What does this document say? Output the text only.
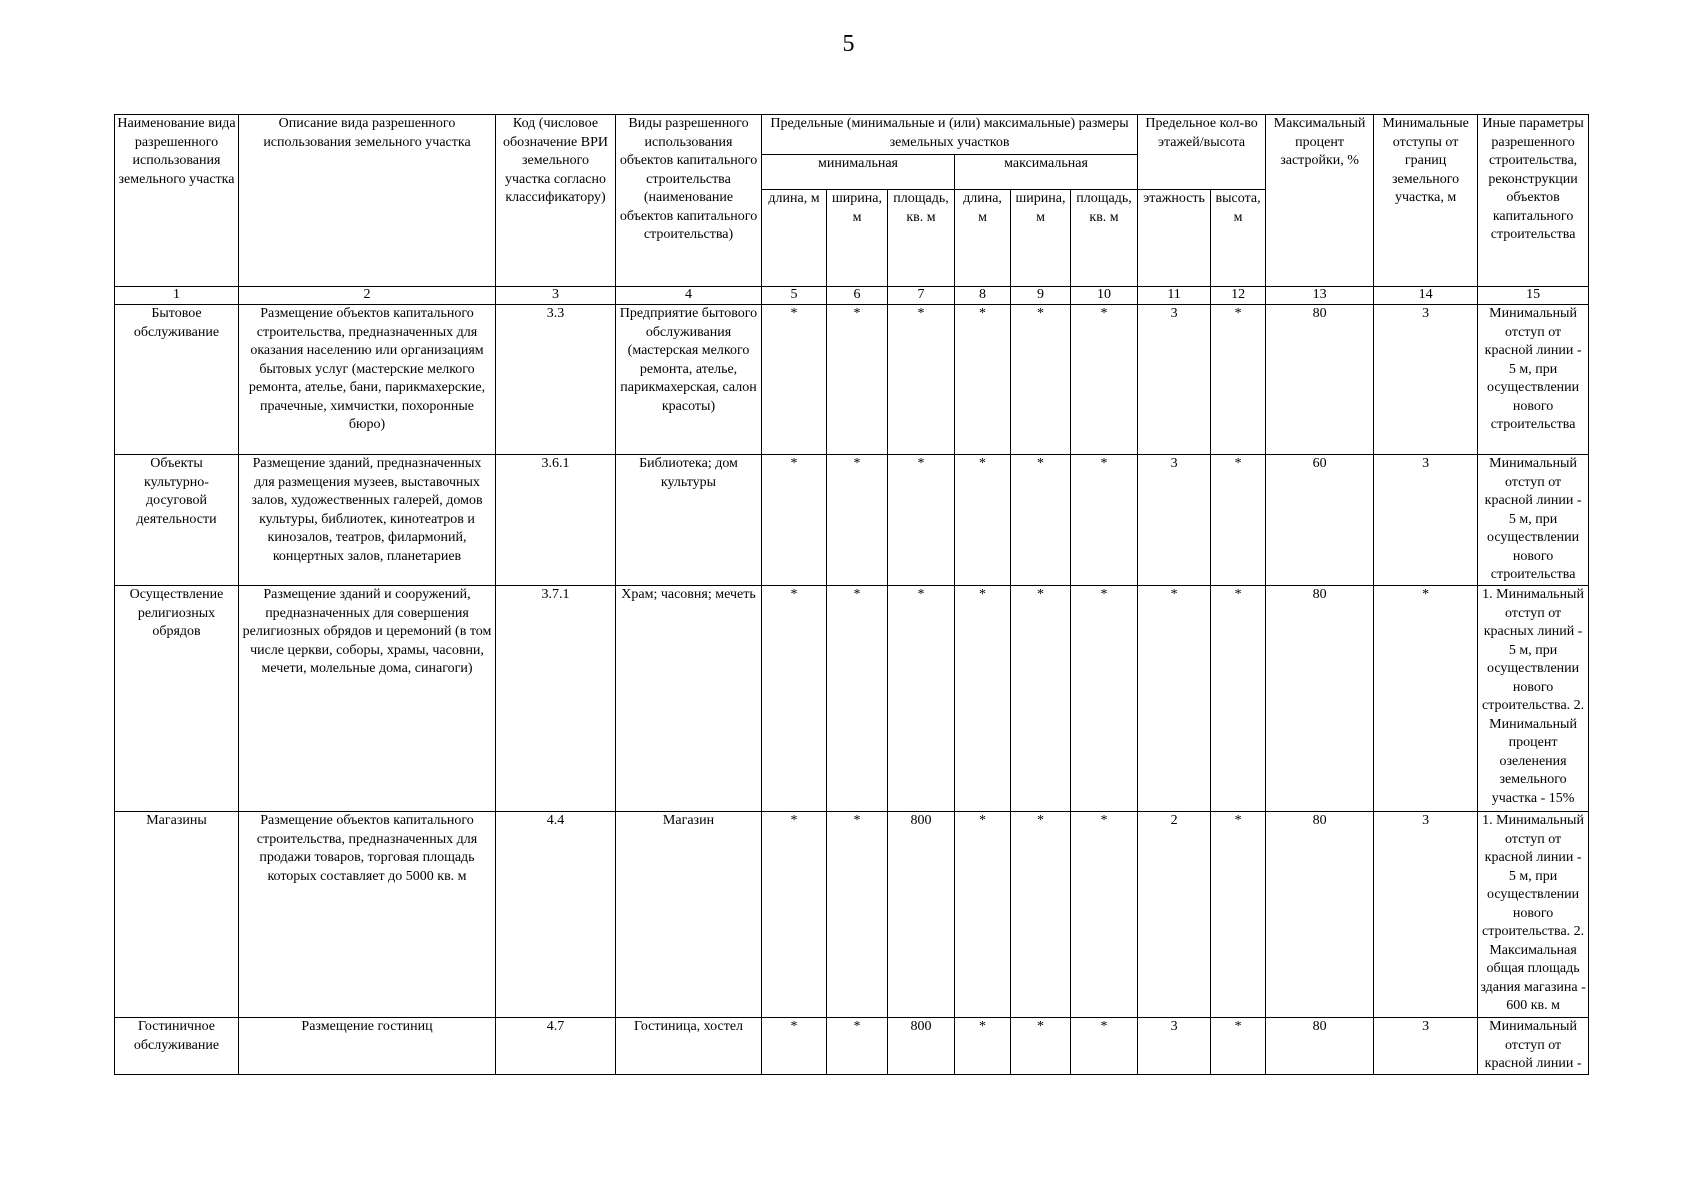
5
Наименование вида разрешенного использования земельного участка	Описание вида разрешенного использования земельного участка	Код (числовое обозначение ВРИ земельного участка согласно классификатору)	Виды разрешенного использования объектов капитального строительства (наименование объектов капитального строительства)	Предельные (минимальные и (или) максимальные) размеры земельных участков						Предельное кол-во этажей/высота		Максимальный процент застройки, %	Минимальные отступы от границ земельного участка, м	Иные параметры разрешенного строительства, реконструкции объектов капитального строительства
				минимальная			максимальная							
				длина, м	ширина, м	площадь, кв. м	длина, м	ширина, м	площадь, кв. м	этажность	высота, м			
1	2	3	4	5	6	7	8	9	10	11	12	13	14	15
Бытовое обслуживание	Размещение объектов капитального строительства, предназначенных для оказания населению или организациям бытовых услуг (мастерские мелкого ремонта, ателье, бани, парикмахерские, прачечные, химчистки, похоронные бюро)	3.3	Предприятие бытового обслуживания (мастерская мелкого ремонта, ателье, парикмахерская, салон красоты)	*	*	*	*	*	*	3	*	80	3	Минимальный отступ от красной линии - 5 м, при осуществлении нового строительства
Объекты культурно-досуговой деятельности	Размещение зданий, предназначенных для размещения музеев, выставочных залов, художественных галерей, домов культуры, библиотек, кинотеатров и кинозалов, театров, филармоний, концертных залов, планетариев	3.6.1	Библиотека; дом культуры	*	*	*	*	*	*	3	*	60	3	Минимальный отступ от красной линии - 5 м, при осуществлении нового строительства
Осуществление религиозных обрядов	Размещение зданий и сооружений, предназначенных для совершения религиозных обрядов и церемоний (в том числе церкви, соборы, храмы, часовни, мечети, молельные дома, синагоги)	3.7.1	Храм; часовня; мечеть	*	*	*	*	*	*	*	*	80	*	1. Минимальный отступ от красных линий - 5 м, при осуществлении нового строительства. 2. Минимальный процент озеленения земельного участка - 15%
Магазины	Размещение объектов капитального строительства, предназначенных для продажи товаров, торговая площадь которых составляет до 5000 кв. м	4.4	Магазин	*	*	800	*	*	*	2	*	80	3	1. Минимальный отступ от красной линии - 5 м, при осуществлении нового строительства. 2. Максимальная общая площадь здания магазина - 600 кв. м
Гостиничное обслуживание	Размещение гостиниц	4.7	Гостиница, хостел	*	*	800	*	*	*	3	*	80	3	Минимальный отступ от красной линии -
